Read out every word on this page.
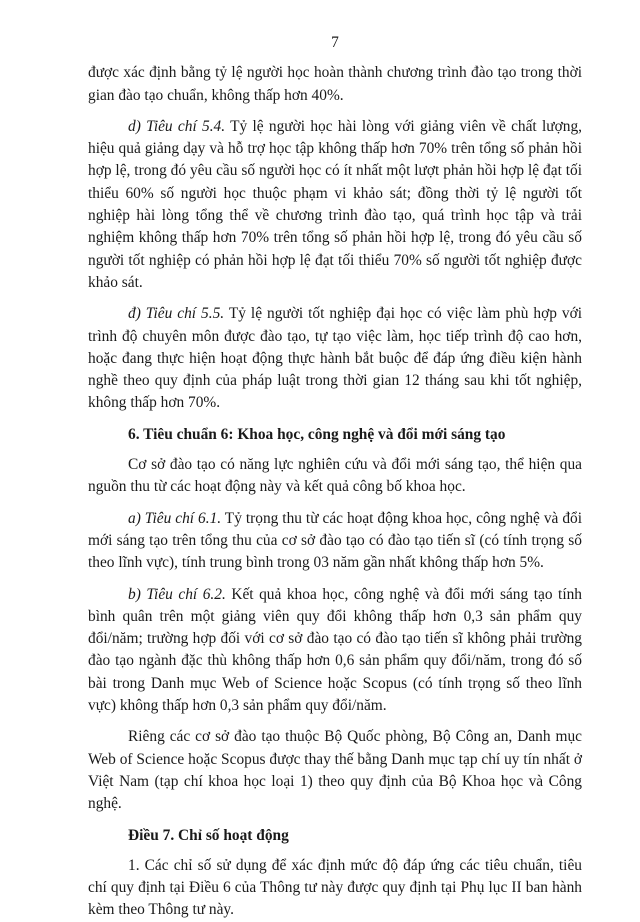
7

được xác định bằng tỷ lệ người học hoàn thành chương trình đào tạo trong thời gian đào tạo chuẩn, không thấp hơn 40%.

d) Tiêu chí 5.4. Tỷ lệ người học hài lòng với giảng viên về chất lượng, hiệu quả giảng dạy và hỗ trợ học tập không thấp hơn 70% trên tổng số phản hồi hợp lệ, trong đó yêu cầu số người học có ít nhất một lượt phản hồi hợp lệ đạt tối thiểu 60% số người học thuộc phạm vi khảo sát; đồng thời tỷ lệ người tốt nghiệp hài lòng tổng thể về chương trình đào tạo, quá trình học tập và trải nghiệm không thấp hơn 70% trên tổng số phản hồi hợp lệ, trong đó yêu cầu số người tốt nghiệp có phản hồi hợp lệ đạt tối thiểu 70% số người tốt nghiệp được khảo sát.

đ) Tiêu chí 5.5. Tỷ lệ người tốt nghiệp đại học có việc làm phù hợp với trình độ chuyên môn được đào tạo, tự tạo việc làm, học tiếp trình độ cao hơn, hoặc đang thực hiện hoạt động thực hành bắt buộc để đáp ứng điều kiện hành nghề theo quy định của pháp luật trong thời gian 12 tháng sau khi tốt nghiệp, không thấp hơn 70%.

6. Tiêu chuẩn 6: Khoa học, công nghệ và đổi mới sáng tạo

Cơ sở đào tạo có năng lực nghiên cứu và đổi mới sáng tạo, thể hiện qua nguồn thu từ các hoạt động này và kết quả công bố khoa học.

a) Tiêu chí 6.1. Tỷ trọng thu từ các hoạt động khoa học, công nghệ và đổi mới sáng tạo trên tổng thu của cơ sở đào tạo có đào tạo tiến sĩ (có tính trọng số theo lĩnh vực), tính trung bình trong 03 năm gần nhất không thấp hơn 5%.

b) Tiêu chí 6.2. Kết quả khoa học, công nghệ và đổi mới sáng tạo tính bình quân trên một giảng viên quy đổi không thấp hơn 0,3 sản phẩm quy đổi/năm; trường hợp đối với cơ sở đào tạo có đào tạo tiến sĩ không phải trường đào tạo ngành đặc thù không thấp hơn 0,6 sản phẩm quy đổi/năm, trong đó số bài trong Danh mục Web of Science hoặc Scopus (có tính trọng số theo lĩnh vực) không thấp hơn 0,3 sản phẩm quy đổi/năm.

Riêng các cơ sở đào tạo thuộc Bộ Quốc phòng, Bộ Công an, Danh mục Web of Science hoặc Scopus được thay thế bằng Danh mục tạp chí uy tín nhất ở Việt Nam (tạp chí khoa học loại 1) theo quy định của Bộ Khoa học và Công nghệ.

Điều 7. Chỉ số hoạt động

1. Các chỉ số sử dụng để xác định mức độ đáp ứng các tiêu chuẩn, tiêu chí quy định tại Điều 6 của Thông tư này được quy định tại Phụ lục II ban hành kèm theo Thông tư này.
